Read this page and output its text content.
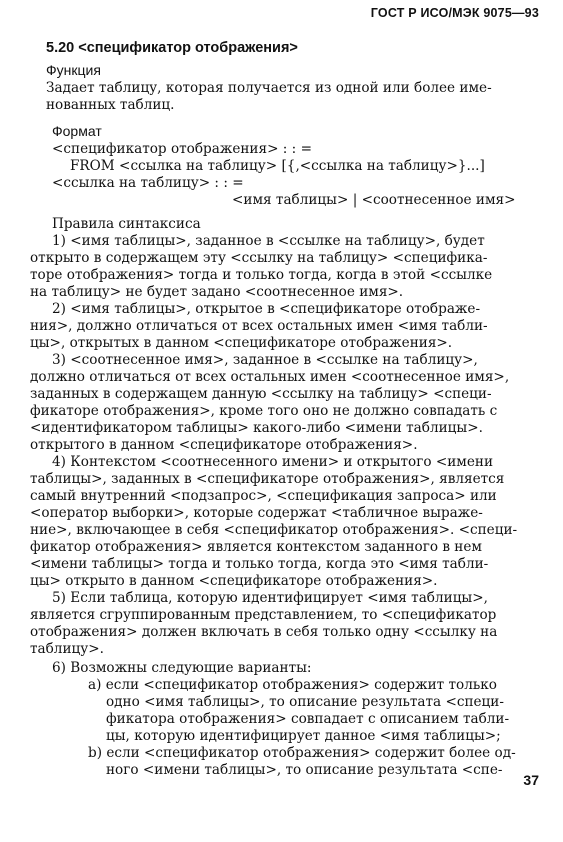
ГОСТ Р ИСО/МЭК 9075—93
5.20 <спецификатор отображения>
Функция
Задает таблицу, которая получается из одной или более име-
нованных таблиц.
Формат
<спецификатор отображения> : : =
FROM <ссылка на таблицу> [{,<ссылка на таблицу>}...]
<ссылка на таблицу> : : =
<имя таблицы> | <соотнесенное имя>
Правила синтаксиса
1) <имя таблицы>, заданное в <ссылке на таблицу>, будет
открыто в содержащем эту <ссылку на таблицу> <специфика-
торе отображения> тогда и только тогда, когда в этой <ссылке
на таблицу> не будет задано <соотнесенное имя>.
2) <имя таблицы>, открытое в <спецификаторе отображе-
ния>, должно отличаться от всех остальных имен <имя табли-
цы>, открытых в данном <спецификаторе отображения>.
3) <соотнесенное имя>, заданное в <ссылке на таблицу>,
должно отличаться от всех остальных имен <соотнесенное имя>,
заданных в содержащем данную <ссылку на таблицу> <специ-
фикаторе отображения>, кроме того оно не должно совпадать с
<идентификатором таблицы> какого-либо <имени таблицы>.
открытого в данном <спецификаторе отображения>.
4) Контекстом <соотнесенного имени> и открытого <имени
таблицы>, заданных в <спецификаторе отображения>, является
самый внутренний <подзапрос>, <спецификация запроса> или
<оператор выборки>, которые содержат <табличное выраже-
ние>, включающее в себя <спецификатор отображения>. <специ-
фикатор отображения> является контекстом заданного в нем
<имени таблицы> тогда и только тогда, когда это <имя табли-
цы> открыто в данном <спецификаторе отображения>.
5) Если таблица, которую идентифицирует <имя таблицы>,
является сгруппированным представлением, то <спецификатор
отображения> должен включать в себя только одну <ссылку на
таблицу>.
6) Возможны следующие варианты:
a) если <спецификатор отображения> содержит только
одно <имя таблицы>, то описание результата <специ-
фикатора отображения> совпадает с описанием табли-
цы, которую идентифицирует данное <имя таблицы>;
b) если <спецификатор отображения> содержит более од-
ного <имени таблицы>, то описание результата <спе-
37
